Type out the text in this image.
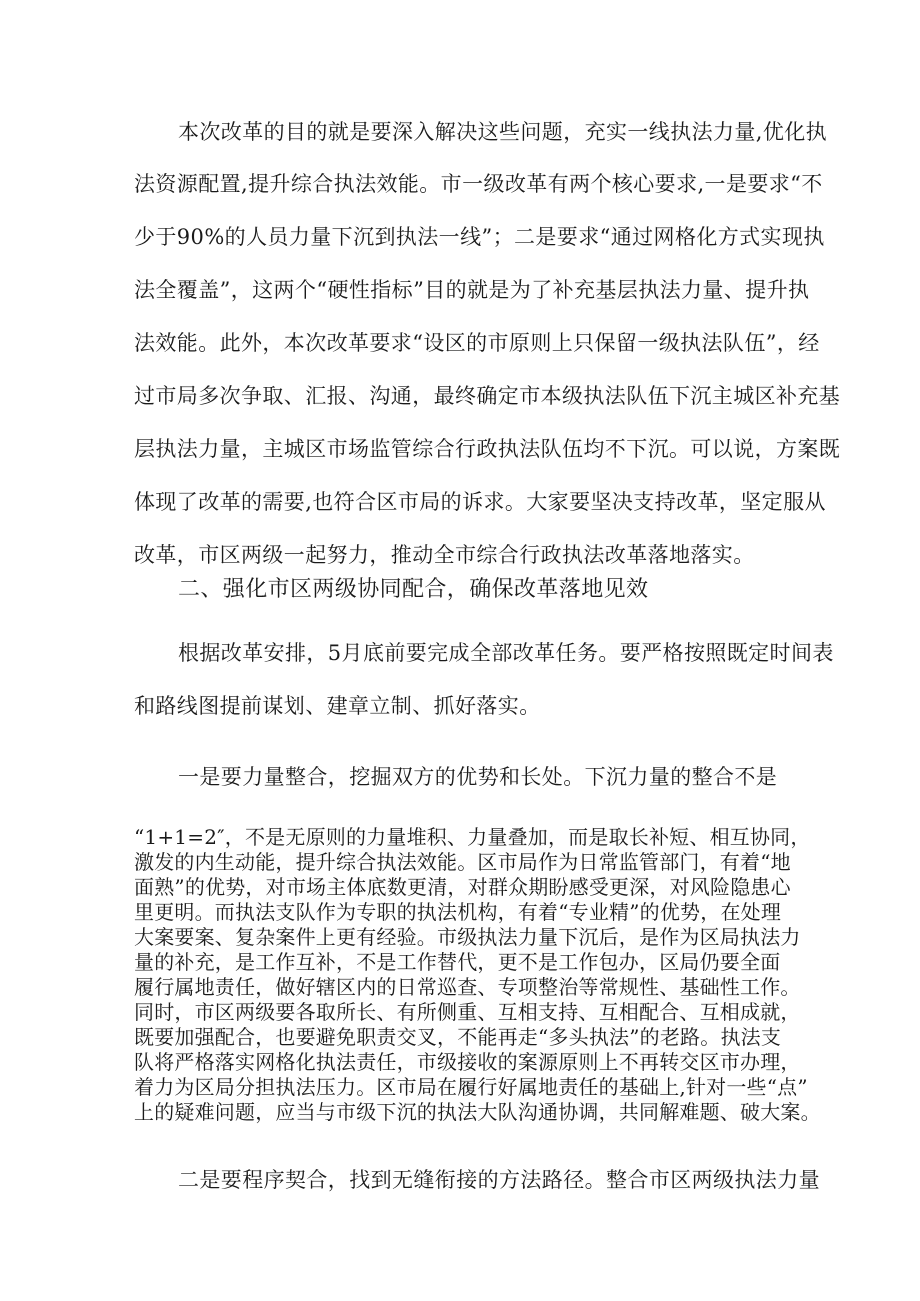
本次改革的目的就是要深入解决这些问题，充实一线执法力量,优化执
法资源配置,提升综合执法效能。市一级改革有两个核心要求,一是要求“不
少于90%的人员力量下沉到执法一线”；二是要求“通过网格化方式实现执
法全覆盖”，这两个“硬性指标”目的就是为了补充基层执法力量、提升执
法效能。此外，本次改革要求“设区的市原则上只保留一级执法队伍”，经
过市局多次争取、汇报、沟通，最终确定市本级执法队伍下沉主城区补充基
层执法力量，主城区市场监管综合行政执法队伍均不下沉。可以说，方案既
体现了改革的需要,也符合区市局的诉求。大家要坚决支持改革，坚定服从
改革，市区两级一起努力，推动全市综合行政执法改革落地落实。
二、强化市区两级协同配合，确保改革落地见效
根据改革安排，5月底前要完成全部改革任务。要严格按照既定时间表
和路线图提前谋划、建章立制、抓好落实。
一是要力量整合，挖掘双方的优势和长处。下沉力量的整合不是
“1+1=2″，不是无原则的力量堆积、力量叠加，而是取长补短、相互协同，
激发的内生动能，提升综合执法效能。区市局作为日常监管部门，有着“地
面熟”的优势，对市场主体底数更清，对群众期盼感受更深，对风险隐患心
里更明。而执法支队作为专职的执法机构，有着“专业精”的优势，在处理
大案要案、复杂案件上更有经验。市级执法力量下沉后，是作为区局执法力
量的补充，是工作互补，不是工作替代，更不是工作包办，区局仍要全面
履行属地责任，做好辖区内的日常巡查、专项整治等常规性、基础性工作。
同时，市区两级要各取所长、有所侧重、互相支持、互相配合、互相成就，
既要加强配合，也要避免职责交叉，不能再走“多头执法”的老路。执法支
队将严格落实网格化执法责任，市级接收的案源原则上不再转交区市办理，
着力为区局分担执法压力。区市局在履行好属地责任的基础上,针对一些“点”
上的疑难问题，应当与市级下沉的执法大队沟通协调，共同解难题、破大案。
二是要程序契合，找到无缝衔接的方法路径。整合市区两级执法力量
